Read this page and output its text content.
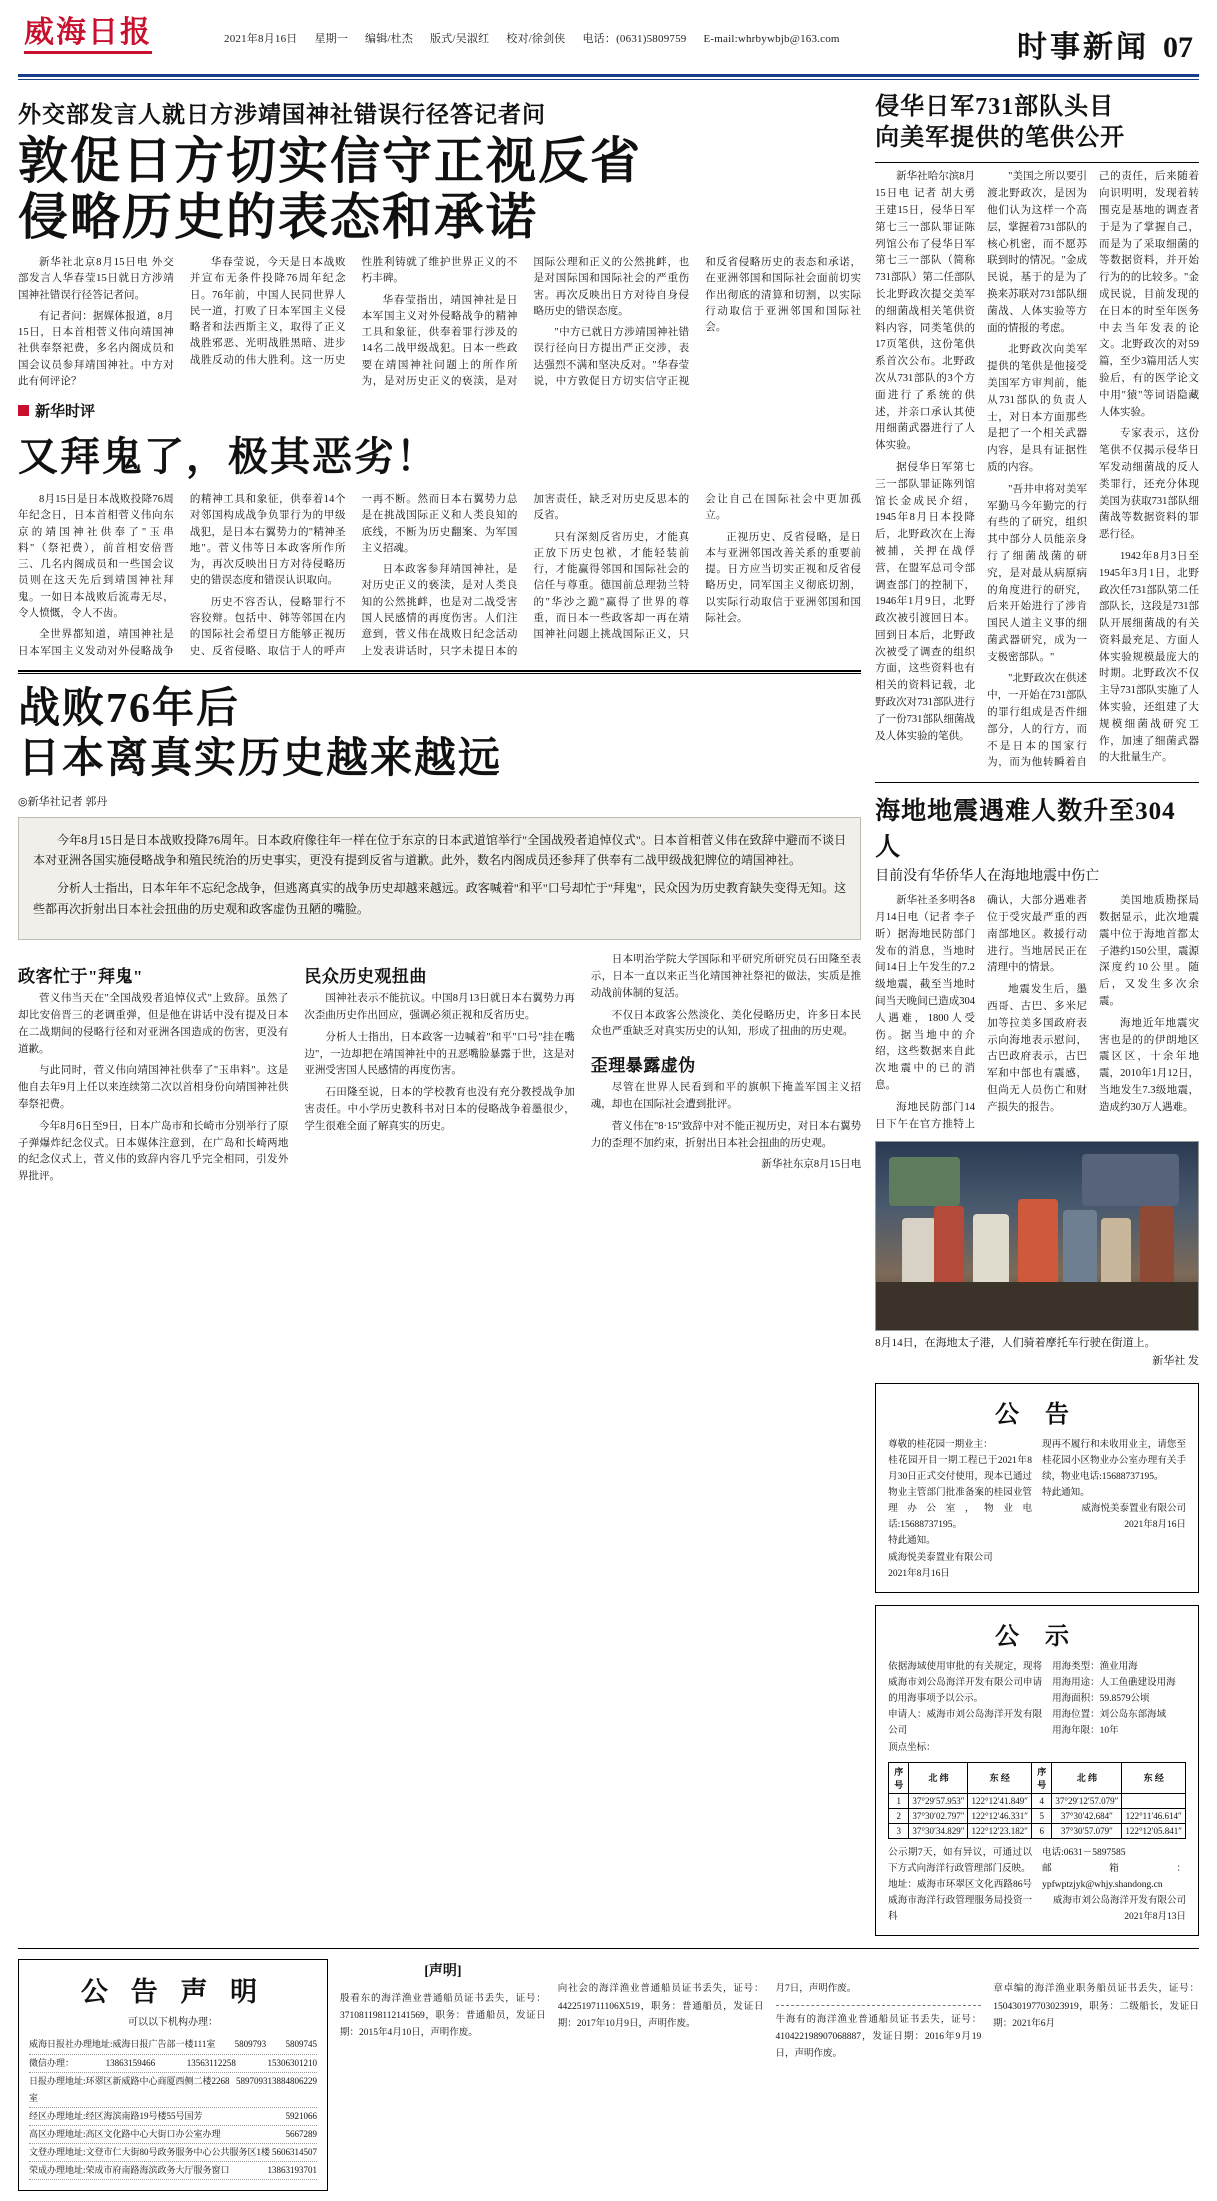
威海日报	2021年8月16日 星期一 编辑/杜杰 版式/吴淑红 校对/徐剑侠 电话：(0631)5809759 E-mail:whrbywbjb@163.com	时事新闻 07
外交部发言人就日方涉靖国神社错误行径答记者问
敦促日方切实信守正视反省
侵略历史的表态和承诺

新华社北京8月15日电 外交部发言人华春莹15日就日方涉靖国神社错误行径答记者问。

有记者问：据媒体报道，8月15日，日本首相菅义伟向靖国神社供奉祭祀费，多名内阁成员和国会议员参拜靖国神社。中方对此有何评论？

华春莹说，今天是日本战败并宣布无条件投降76周年纪念日。76年前，中国人民同世界人民一道，打败了日本军国主义侵略者和法西斯主义，取得了正义战胜邪恶、光明战胜黑暗、进步战胜反动的伟大胜利。这一历史性胜利铸就了维护世界正义的不朽丰碑。

华春莹指出，靖国神社是日本军国主义对外侵略战争的精神工具和象征，供奉着罪行涉及的14名二战甲级战犯。日本一些政要在靖国神社问题上的所作所为，是对历史正义的亵渎，是对国际公理和正义的公然挑衅，也是对国际国和国际社会的严重伤害。再次反映出日方对待自身侵略历史的错误态度。

"中方已就日方涉靖国神社错误行径向日方提出严正交涉，表达强烈不满和坚决反对。"华春莹说，中方敦促日方切实信守正视和反省侵略历史的表态和承诺，在亚洲邻国和国际社会面前切实作出彻底的清算和切割，以实际行动取信于亚洲邻国和国际社会。

新华时评
又拜鬼了，极其恶劣！

8月15日是日本战败投降76周年纪念日，日本首相菅义伟向东京的靖国神社供奉了"玉串料"（祭祀费），前首相安倍晋三、几名内阁成员和一些国会议员则在这天先后到靖国神社拜鬼。一如日本战败后流毒无尽，令人愤慨，令人不齿。

全世界都知道，靖国神社是日本军国主义发动对外侵略战争的精神工具和象征，供奉着14个对邻国构成战争负罪行为的甲级战犯，是日本右翼势力的"精神圣地"。菅义伟等日本政客所作所为，再次反映出日方对待侵略历史的错误态度和错误认识取向。

历史不容否认，侵略罪行不容狡辩。包括中、韩等邻国在内的国际社会希望日方能够正视历史、反省侵略、取信于人的呼声一再不断。然而日本右翼势力总是在挑战国际正义和人类良知的底线，不断为历史翻案、为军国主义招魂。

日本政客参拜靖国神社，是对历史正义的亵渎，是对人类良知的公然挑衅，也是对二战受害国人民感情的再度伤害。人们注意到，菅义伟在战败日纪念活动上发表讲话时，只字未提日本的加害责任，缺乏对历史反思本的反省。

只有深刻反省历史，才能真正放下历史包袱，才能轻装前行，才能赢得邻国和国际社会的信任与尊重。德国前总理勃兰特的"华沙之跪"赢得了世界的尊重，而日本一些政客却一再在靖国神社问题上挑战国际正义，只会让自己在国际社会中更加孤立。

正视历史、反省侵略，是日本与亚洲邻国改善关系的重要前提。日方应当切实正视和反省侵略历史，同军国主义彻底切割，以实际行动取信于亚洲邻国和国际社会。

战败76年后
日本离真实历史越来越远
◎新华社记者 郭丹

今年8月15日是日本战败投降76周年。日本政府像往年一样在位于东京的日本武道馆举行"全国战殁者追悼仪式"。日本首相菅义伟在致辞中避而不谈日本对亚洲各国实施侵略战争和殖民统治的历史事实，更没有提到反省与道歉。此外，数名内阁成员还参拜了供奉有二战甲级战犯牌位的靖国神社。

分析人士指出，日本年年不忘纪念战争，但逃离真实的战争历史却越来越远。政客喊着"和平"口号却忙于"拜鬼"，民众因为历史教育缺失变得无知。这些都再次折射出日本社会扭曲的历史观和政客虚伪丑陋的嘴脸。

政客忙于"拜鬼"

菅义伟当天在"全国战殁者追悼仪式"上致辞。虽然了却比安倍晋三的老调重弹，但是他在讲话中没有提及日本在二战期间的侵略行径和对亚洲各国造成的伤害，更没有道歉。

与此同时，菅义伟向靖国神社供奉了"玉串料"。这是他自去年9月上任以来连续第二次以首相身份向靖国神社供奉祭祀费。

今年8月6日至9日，日本广岛市和长崎市分别举行了原子弹爆炸纪念仪式。日本媒体注意到，在广岛和长崎两地的纪念仪式上，菅义伟的致辞内容几乎完全相同，引发外界批评。

民众历史观扭曲

国神社表示不能抗议。中国8月13日就日本右翼势力再次歪曲历史作出回应，强调必须正视和反省历史。

分析人士指出，日本政客一边喊着"和平"口号"挂在嘴边"，一边却把在靖国神社中的丑恶嘴脸暴露于世，这是对亚洲受害国人民感情的再度伤害。

石田隆至说，日本的学校教育也没有充分教授战争加害责任。中小学历史教科书对日本的侵略战争着墨很少，学生很难全面了解真实的历史。

日本明治学院大学国际和平研究所研究员石田隆至表示，日本一直以来正当化靖国神社祭祀的做法，实质是推动战前体制的复活。

不仅日本政客公然淡化、美化侵略历史，许多日本民众也严重缺乏对真实历史的认知，形成了扭曲的历史观。

歪理暴露虚伪

尽管在世界人民看到和平的旗帜下掩盖军国主义招魂，却也在国际社会遭到批评。

菅义伟在"8·15"致辞中对不能正视历史，对日本右翼势力的歪理不加约束，折射出日本社会扭曲的历史观。

新华社东京8月15日电

侵华日军731部队头目
向美军提供的笔供公开

新华社哈尔滨8月15日电 记者 胡大勇 王建15日，侵华日军第七三一部队罪证陈列馆公布了侵华日军第七三一部队（简称731部队）第二任部队长北野政次提交美军的细菌战相关笔供资料内容，同类笔供的17页笔供，这份笔供系首次公布。北野政次从731部队的3个方面进行了系统的供述，并亲口承认其使用细菌武器进行了人体实验。

据侵华日军第七三一部队罪证陈列馆馆长金成民介绍，1945年8月日本投降后，北野政次在上海被捕，关押在战俘营，在盟军总司令部调查部门的控制下，1946年1月9日，北野政次被引渡回日本。回到日本后，北野政次被受了调查的组织方面，这些资料也有相关的资料记载，北野政次对731部队进行了一份731部队细菌战及人体实验的笔供。

"美国之所以要引渡北野政次，是因为他们认为这样一个高层，掌握着731部队的核心机密，而不愿苏联到时的情况。"金成民说，基于的是为了换来苏联对731部队细菌战、人体实验等方面的情报的考虑。

北野政次向美军提供的笔供是他接受美国军方审判前，能从731部队的负责人士，对日本方面那些是把了一个相关武器内容，是具有证据性质的内容。

"吾井申将对美军军勤马今年勤完的行有些的了研究，组织其中部分人员能亲身行了细菌战菌的研究，是对最从病原病的角度进行的研究，后来开始进行了涉肯国民人道主义事的细菌武器研究，成为一支极密部队。"

"北野政次在供述中，一开始在731部队的罪行组成是否件细部分，人的行方，而不是日本的国家行为，而为他转瞬着自己的责任，后来随着向识明明，发现着转围克是基地的调查者于是为了掌握自己，而是为了采取细菌的等数据资料，并开始行为的的比较多。"金成民说，目前发现的在日本的时至年医务中去当年发表的论文。北野政次的对59篇，至少3篇用活人实验后，有的医学论文中用"猿"等词语隐藏人体实验。

专家表示，这份笔供不仅揭示侵华日军发动细菌战的反人类罪行，还充分体现美国为获取731部队细菌战等数据资料的罪恶行径。

1942年8月3日至1945年3月1日，北野政次任731部队第二任部队长，这段是731部队开展细菌战的有关资料最充足、方面人体实验规模最庞大的时期。北野政次不仅主导731部队实施了人体实验，还组建了大规模细菌战研究工作，加速了细菌武器的大批量生产。

海地地震遇难人数升至304人
目前没有华侨华人在海地地震中伤亡

新华社圣多明各8月14日电（记者 李子昕）据海地民防部门发布的消息，当地时间14日上午发生的7.2级地震，截至当地时间当天晚间已造成304人遇难，1800人受伤。据当地中的介绍，这些数据来自此次地震中的已的消息。

海地民防部门14日下午在官方推特上确认，大部分遇难者位于受灾最严重的西南部地区。救援行动进行。当地居民正在清理中的情景。

地震发生后，墨西哥、古巴、多米尼加等拉美多国政府表示向海地表示慰问，古巴政府表示，古巴军和中部也有震感，但尚无人员伤亡和财产损失的报告。

美国地质勘探局数据显示，此次地震震中位于海地首都太子港约150公里，震源深度约10公里。随后，又发生多次余震。

海地近年地震灾害也是的的伊朗地区震区区，十余年地震，2010年1月12日，当地发生7.3级地震，造成约30万人遇难。

8月14日，在海地太子港，人们骑着摩托车行驶在街道上。
新华社 发
公 告
尊敬的桂花园一期业主：
桂花园开目一期工程已于2021年8月30日正式交付使用，现本已通过物业主管部门批准备案的桂园业管理办公室，物业电话:15688737195。
特此通知。
威海悦美泰置业有限公司
2021年8月16日
现再不履行和未收用业主，请您至桂花园小区物业办公室办理有关手续，物业电话:15688737195。
特此通知。
威海悦美泰置业有限公司
2021年8月16日
公 示
依据海域使用审批的有关规定，现将威海市刘公岛海洋开发有限公司申请的用海事项予以公示。
申请人：威海市刘公岛海洋开发有限公司
顶点坐标：
用海类型：渔业用海
用海用途：人工鱼礁建设用海
用海面积：59.8579公顷
用海位置：刘公岛东部海域
用海年限：10年
序号	北 纬	东 经	序号	北 纬	东 经
1	37°29′57.953″	122°12′41.849″	4	37°29′12′57.079″	
2	37°30′02.797″	122°12′46.331″	5	37°30′42.684″	122°11′46.614″
3	37°30′34.829″	122°12′23.182″	6	37°30′57.079″	122°12′05.841″
公示期7天，如有异议，可通过以下方式向海洋行政管理部门反映。
地址：威海市环翠区文化西路86号威海市海洋行政管理服务局投资一科
电话:0631－5897585
邮箱：ypfwptzjyk@whjy.shandong.cn
威海市刘公岛海洋开发有限公司
2021年8月13日
公 告 声 明
可以以下机构办理：
威海日报社办理地址:威海日报广告部一楼111室 5809793 5809745
微信办理：	13863159466	13563112258	15306301210
日报办理地址:环翠区新威路中心商厦西侧二楼2268室
5897093 13884806229
经区办理地址:经区海滨南路19号楼55号国芳	5921066
高区办理地址:高区文化路中心大街口办公室办理	5667289
文登办理地址:文登市仁大街80号政务服务中心公共服务区1楼 5606314507
荣成办理地址:荣成市府南路海滨政务大厅服务窗口	13863193701
[声明]
殷看东的海洋渔业普通船员证书丢失，证号：371081198112141569，职务：普通船员，发证日期：2015年4月10日，声明作废。
向社会的海洋渔业普通船员证书丢失，证号：4422519711106X519，职务：普通船员，发证日期：2017年10月9日，声明作废。
月7日，声明作废。
牛海有的海洋渔业普通船员证书丢失，证号：410422198907068887，发证日期：2016年9月19日，声明作废。
章卓编的海洋渔业职务船员证书丢失，证号：150430197703023919，职务：二级船长，发证日期：2021年6月
